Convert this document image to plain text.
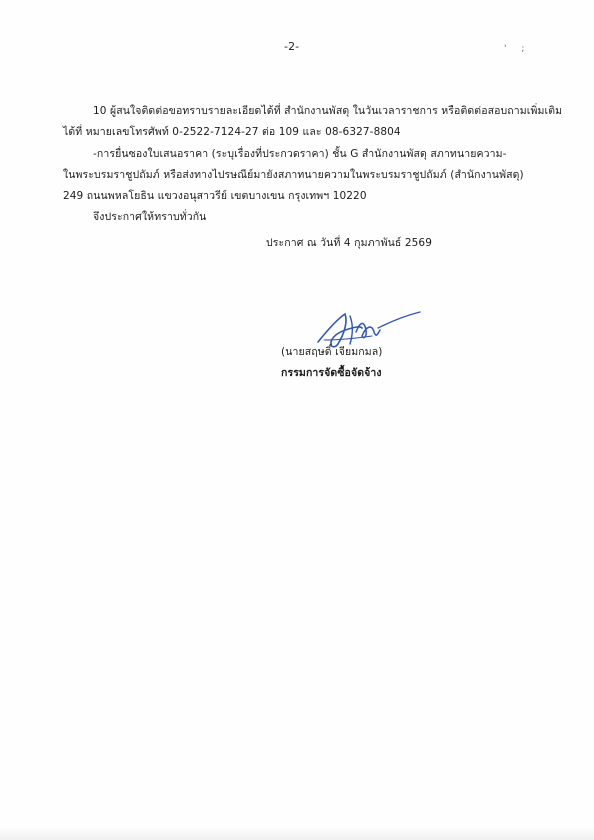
-2-	' ;
10 ผู้สนใจติดต่อขอทราบรายละเอียดได้ที่ สำนักงานพัสดุ ในวันเวลาราชการ หรือติดต่อสอบถามเพิ่มเติม
ได้ที่ หมายเลขโทรศัพท์ 0-2522-7124-27 ต่อ 109 และ 08-6327-8804
-การยื่นซองใบเสนอราคา (ระบุเรื่องที่ประกวดราคา) ชั้น G สำนักงานพัสดุ สภาทนายความ-
ในพระบรมราชูปถัมภ์ หรือส่งทางไปรษณีย์มายังสภาทนายความในพระบรมราชูปถัมภ์ (สำนักงานพัสดุ)
249 ถนนพหลโยธิน แขวงอนุสาวรีย์ เขตบางเขน กรุงเทพฯ 10220
จึงประกาศให้ทราบทั่วกัน
ประกาศ ณ วันที่ 4 กุมภาพันธ์ 2569
(นายสฤษดิ์ เจียมกมล)
กรรมการจัดซื้อจัดจ้าง
